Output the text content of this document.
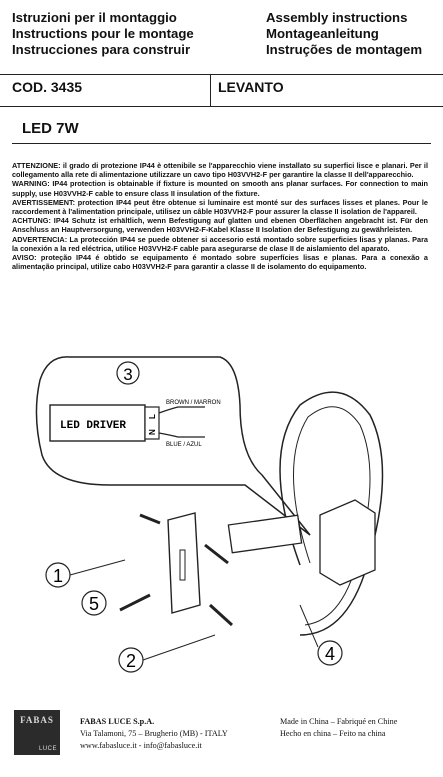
Istruzioni per il montaggio
Instructions pour le montage
Instrucciones para construir
Assembly instructions
Montageanleitung
Instruções de montagem
COD. 3435	LEVANTO
LED 7W

ATTENZIONE: il grado di protezione IP44 è ottenibile se l'apparecchio viene installato su superfici lisce e planari. Per il collegamento alla rete di alimentazione utilizzare un cavo tipo H03VVH2-F per garantire la classe II dell'apparecchio.

WARNING: IP44 protection is obtainable if fixture is mounted on smooth ans planar surfaces. For connection to main supply, use H03VVH2-F cable to ensure class II insulation of the fixture.

AVERTISSEMENT: protection IP44 peut être obtenue si luminaire est monté sur des surfaces lisses et planes. Pour le raccordement à l'alimentation principale, utilisez un câble H03VVH2-F pour assurer la classe II isolation de l'appareil.

ACHTUNG: IP44 Schutz ist erhältlich, wenn Befestigung auf glatten und ebenen Oberflächen angebracht ist. Für den Anschluss an Hauptversorgung, verwenden H03VVH2-F-Kabel Klasse II Isolation der Befestigung zu gewährleisten.

ADVERTENCIA: La protección IP44 se puede obtener si accesorio está montado sobre superficies lisas y planas. Para la conexión a la red eléctrica, utilice H03VVH2-F cable para asegurarse de clase II de aislamiento del aparato.

AVISO: proteção IP44 é obtido se equipamento é montado sobre superfícies lisas e planas. Para a conexão a alimentação principal, utilize cabo H03VVH2-F para garantir a classe II de isolamento do equipamento.

3
LED DRIVER
L
N
BROWN / MARRON
BLUE / AZUL
1
5
2	4
FABAS
LUCE
FABAS LUCE S.p.A.
Via Talamoni, 75 – Brugherio (MB) - ITALY
www.fabasluce.it - info@fabasluce.it
Made in China – Fabriqué en Chine
Hecho en china – Feito na china
